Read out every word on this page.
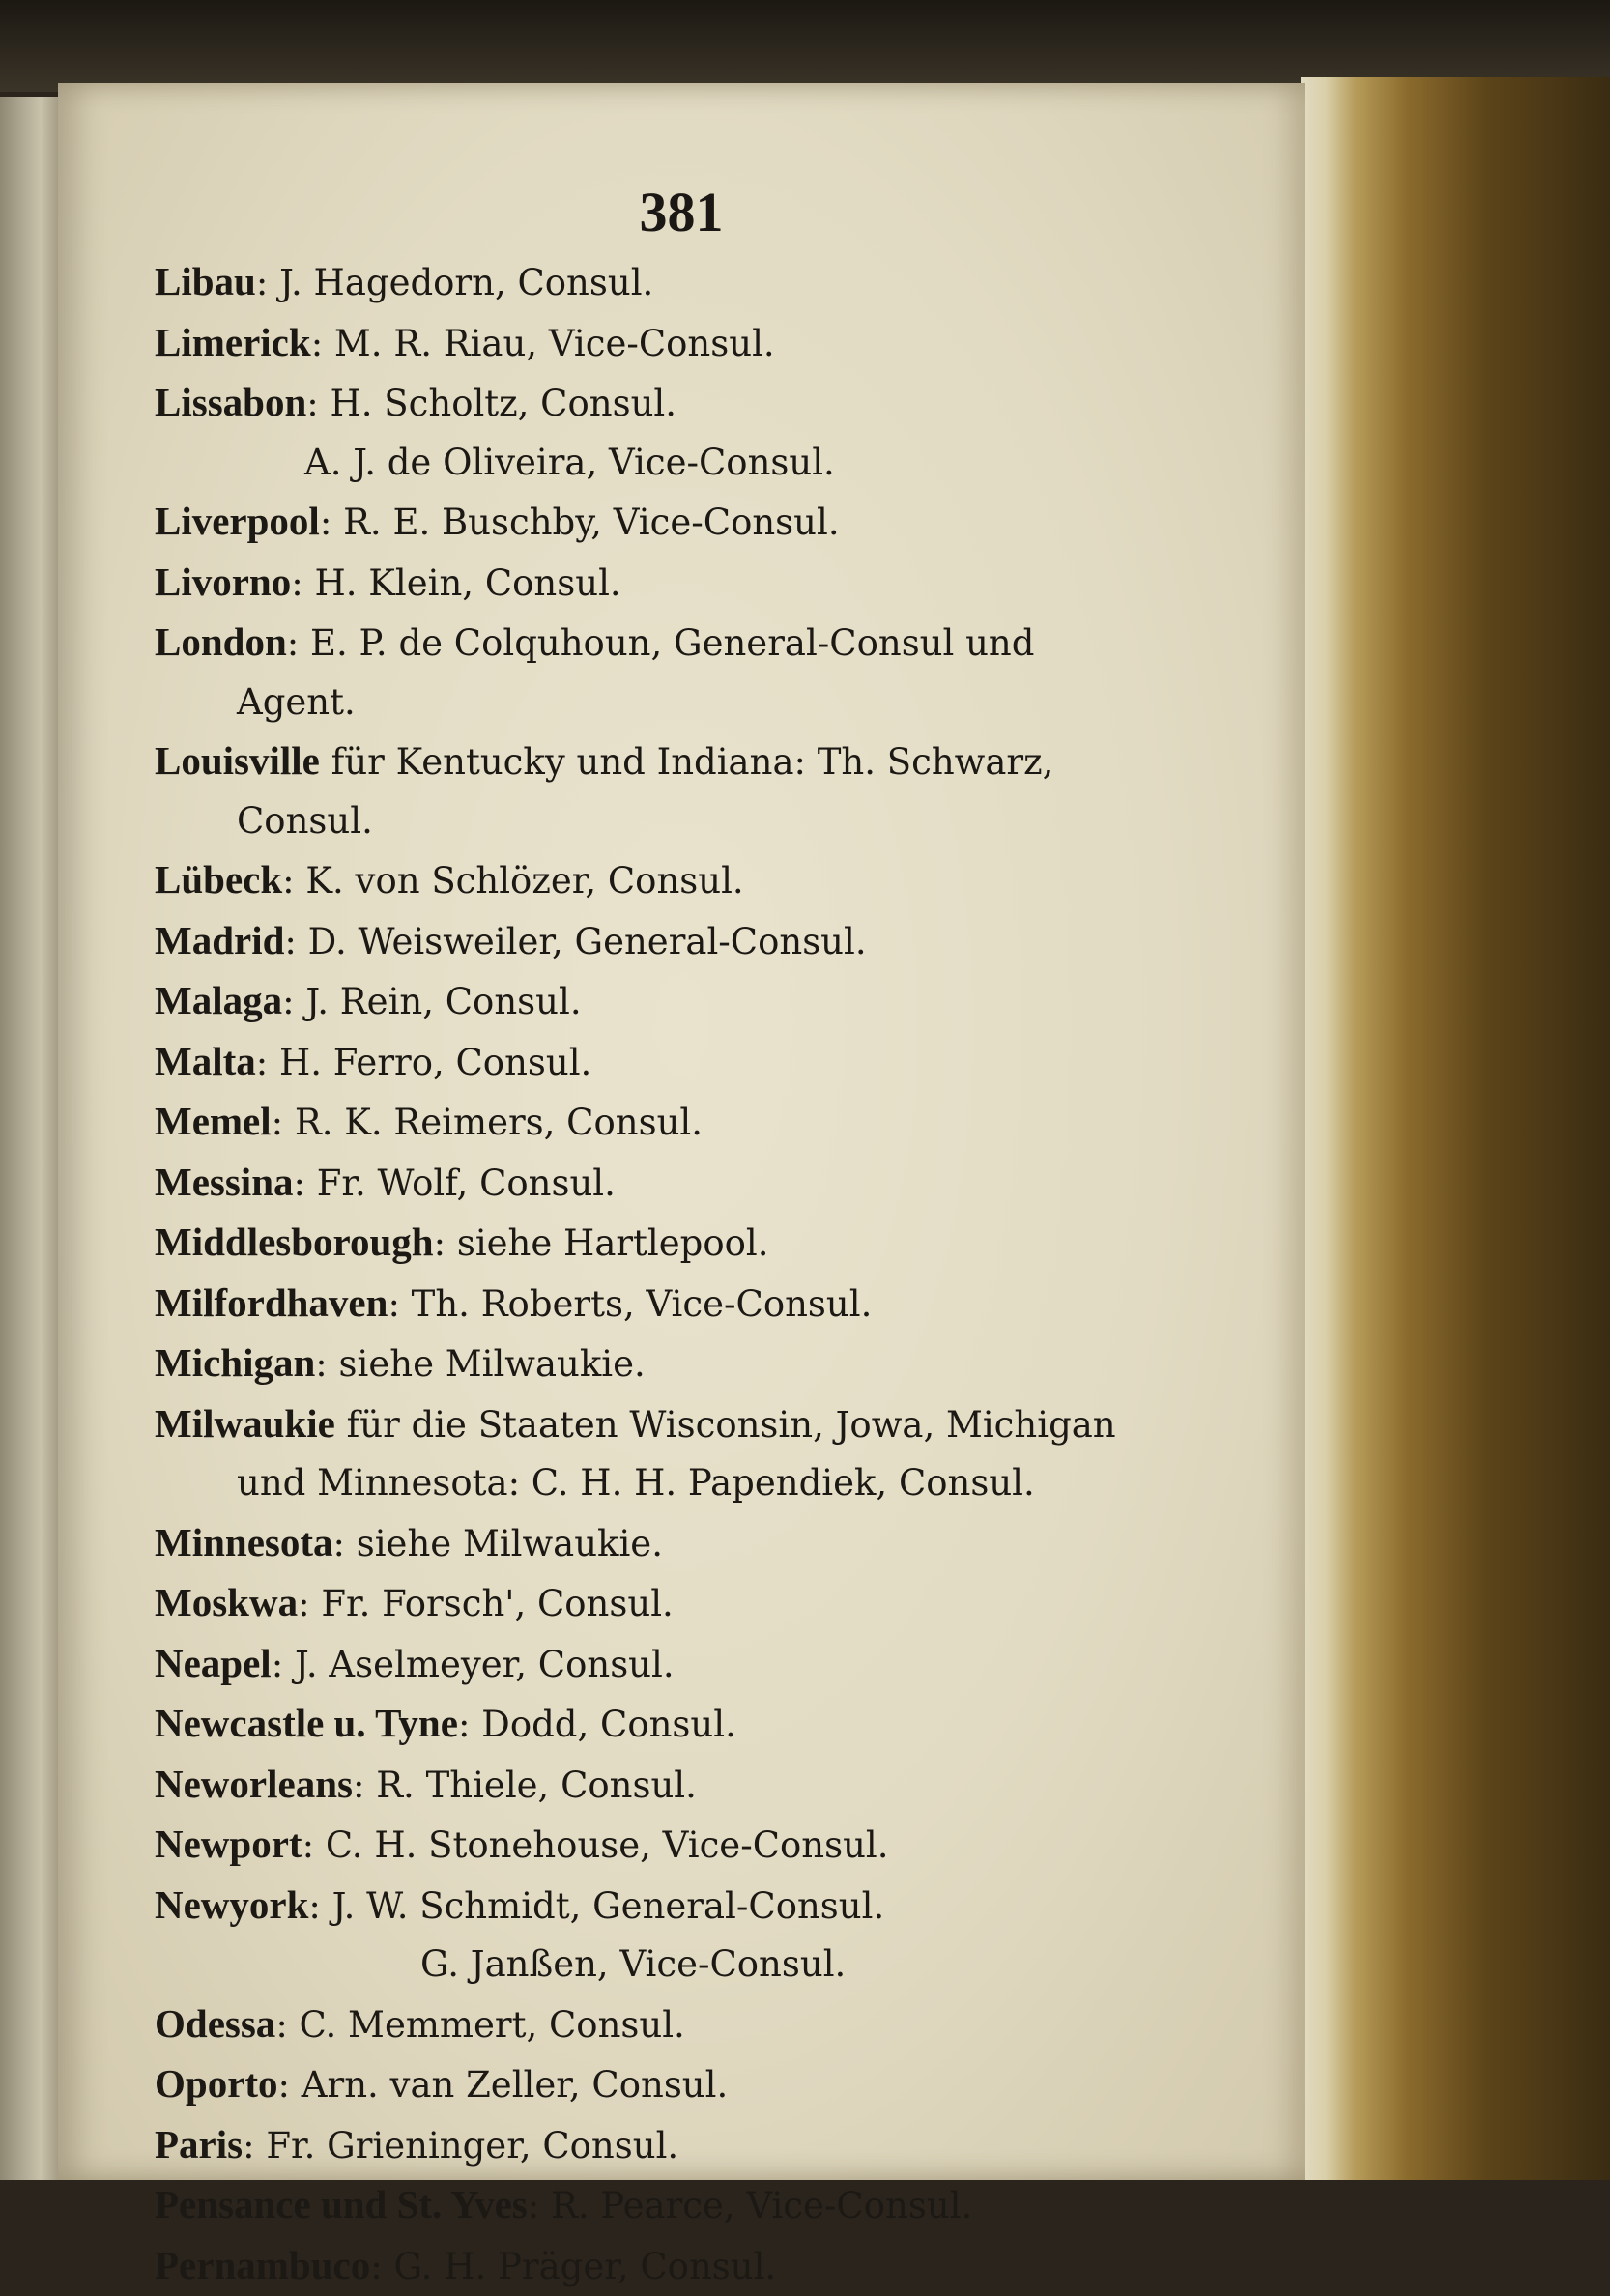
381
Libau: J. Hagedorn, Consul.
Limerick: M. R. Riau, Vice-Consul.
Lissabon: H. Scholtz, Consul.
A. J. de Oliveira, Vice-Consul.
Liverpool: R. E. Buschby, Vice-Consul.
Livorno: H. Klein, Consul.
London: E. P. de Colquhoun, General-Consul und
Agent.
Louisville für Kentucky und Indiana: Th. Schwarz,
Consul.
Lübeck: K. von Schlözer, Consul.
Madrid: D. Weisweiler, General-Consul.
Malaga: J. Rein, Consul.
Malta: H. Ferro, Consul.
Memel: R. K. Reimers, Consul.
Messina: Fr. Wolf, Consul.
Middlesborough: siehe Hartlepool.
Milfordhaven: Th. Roberts, Vice-Consul.
Michigan: siehe Milwaukie.
Milwaukie für die Staaten Wisconsin, Jowa, Michigan
und Minnesota: C. H. H. Papendiek, Consul.
Minnesota: siehe Milwaukie.
Moskwa: Fr. Forsch', Consul.
Neapel: J. Aselmeyer, Consul.
Newcastle u. Tyne: Dodd, Consul.
Neworleans: R. Thiele, Consul.
Newport: C. H. Stonehouse, Vice-Consul.
Newyork: J. W. Schmidt, General-Consul.
G. Janßen, Vice-Consul.
Odessa: C. Memmert, Consul.
Oporto: Arn. van Zeller, Consul.
Paris: Fr. Grieninger, Consul.
Pensance und St. Yves: R. Pearce, Vice-Consul.
Pernambuco: G. H. Präger, Consul.
